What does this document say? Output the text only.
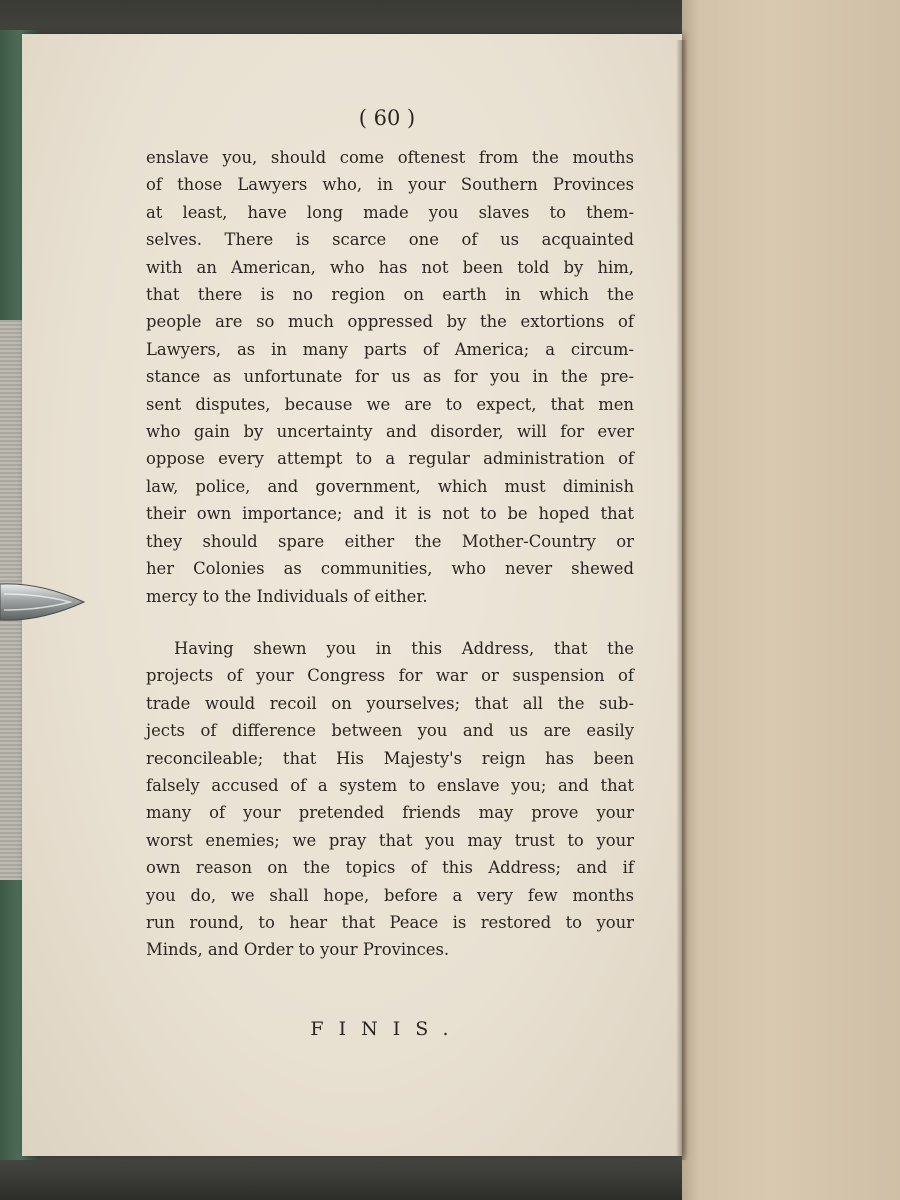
( 60 )

enslave you, should come oftenest from the mouths
of those Lawyers who, in your Southern Provinces
at least, have long made you slaves to them-
selves. There is scarce one of us acquainted
with an American, who has not been told by him,
that there is no region on earth in which the
people are so much oppressed by the extortions of
Lawyers, as in many parts of America; a circum-
stance as unfortunate for us as for you in the pre-
sent disputes, because we are to expect, that men
who gain by uncertainty and disorder, will for ever
oppose every attempt to a regular administration of
law, police, and government, which must diminish
their own importance; and it is not to be hoped that
they should spare either the Mother-Country or
her Colonies as communities, who never shewed
mercy to the Individuals of either.

Having shewn you in this Address, that the
projects of your Congress for war or suspension of
trade would recoil on yourselves; that all the sub-
jects of difference between you and us are easily
reconcileable; that His Majesty's reign has been
falsely accused of a system to enslave you; and that
many of your pretended friends may prove your
worst enemies; we pray that you may trust to your
own reason on the topics of this Address; and if
you do, we shall hope, before a very few months
run round, to hear that Peace is restored to your
Minds, and Order to your Provinces.

FINIS.
